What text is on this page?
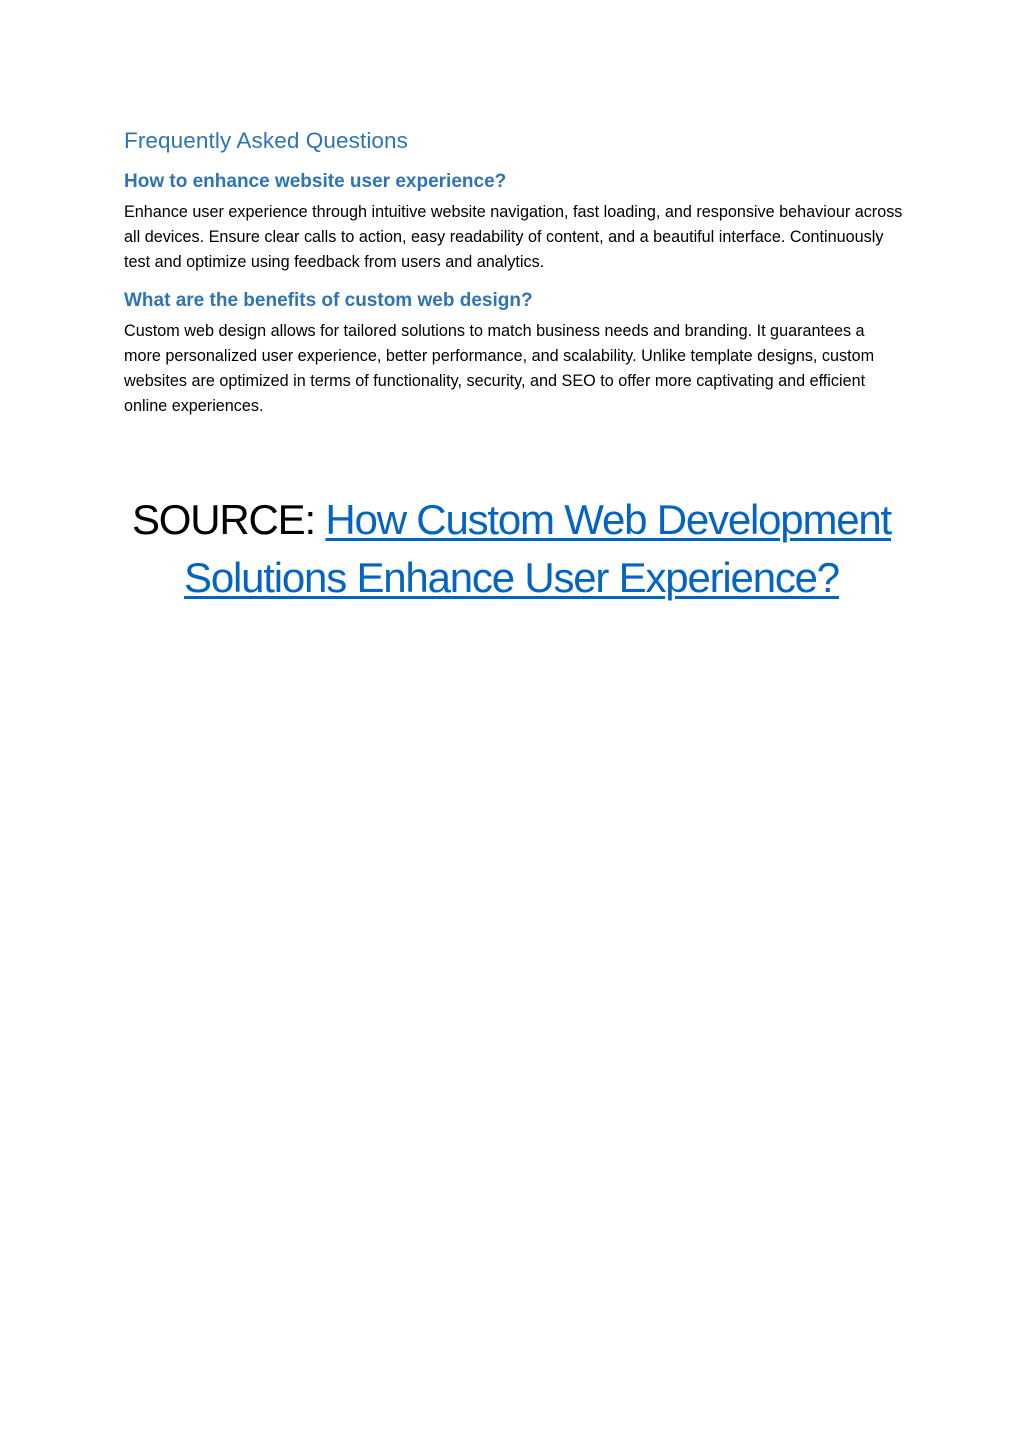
Frequently Asked Questions
How to enhance website user experience?

Enhance user experience through intuitive website navigation, fast loading, and responsive behaviour across all devices. Ensure clear calls to action, easy readability of content, and a beautiful interface. Continuously test and optimize using feedback from users and analytics.

What are the benefits of custom web design?

Custom web design allows for tailored solutions to match business needs and branding. It guarantees a more personalized user experience, better performance, and scalability. Unlike template designs, custom websites are optimized in terms of functionality, security, and SEO to offer more captivating and efficient online experiences.

SOURCE: How Custom Web Development Solutions Enhance User Experience?
